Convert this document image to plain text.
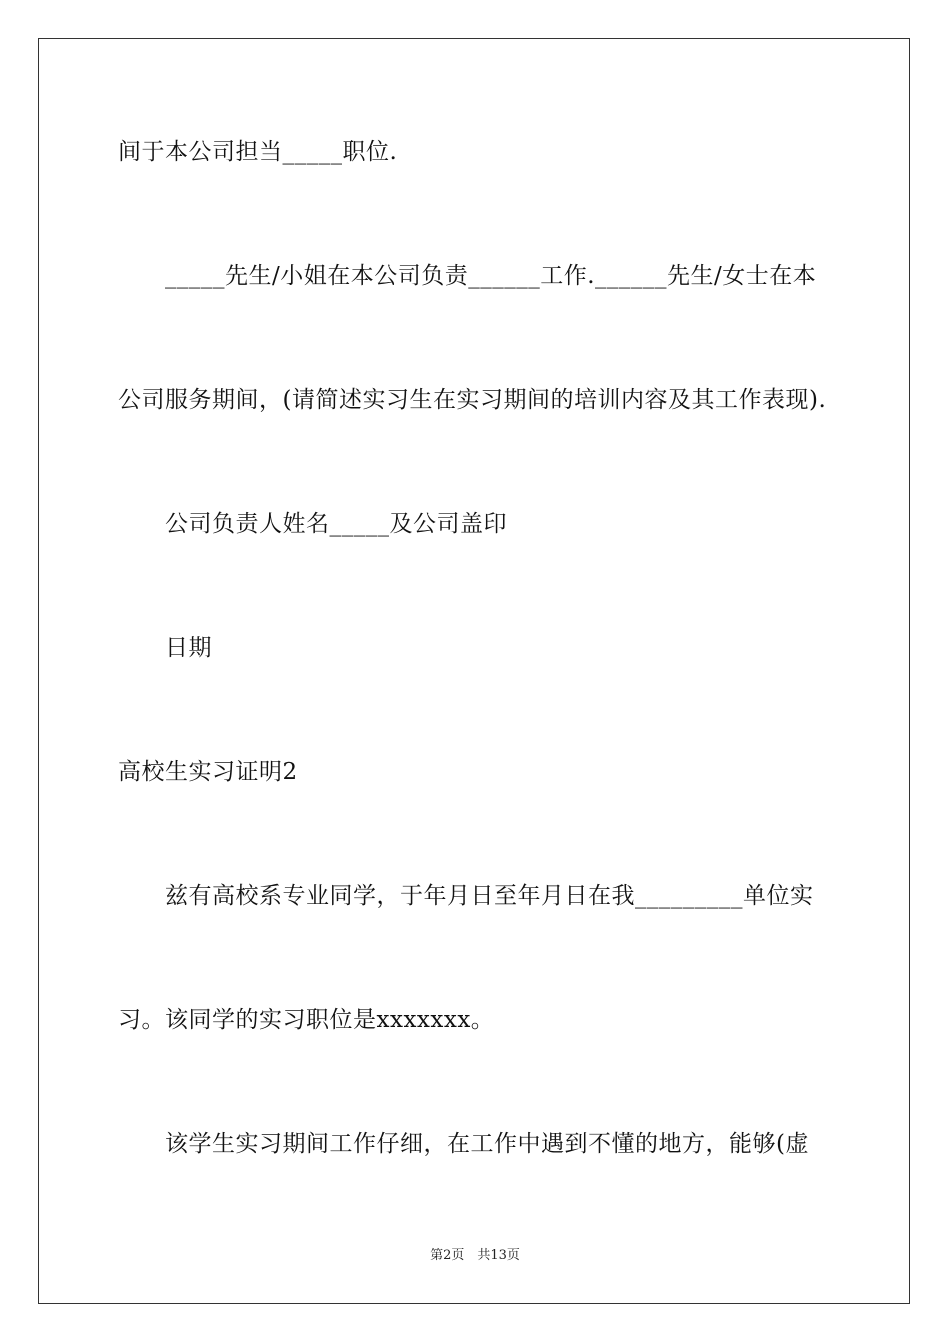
间于本公司担当_____职位.
_____先生/小姐在本公司负责______工作.______先生/女士在本
公司服务期间，(请简述实习生在实习期间的培训内容及其工作表现).
公司负责人姓名_____及公司盖印
日期
高校生实习证明2
兹有高校系专业同学，于年月日至年月日在我_________单位实
习。该同学的实习职位是xxxxxxx。
该学生实习期间工作仔细，在工作中遇到不懂的地方，能够(虚
第2页　共13页
